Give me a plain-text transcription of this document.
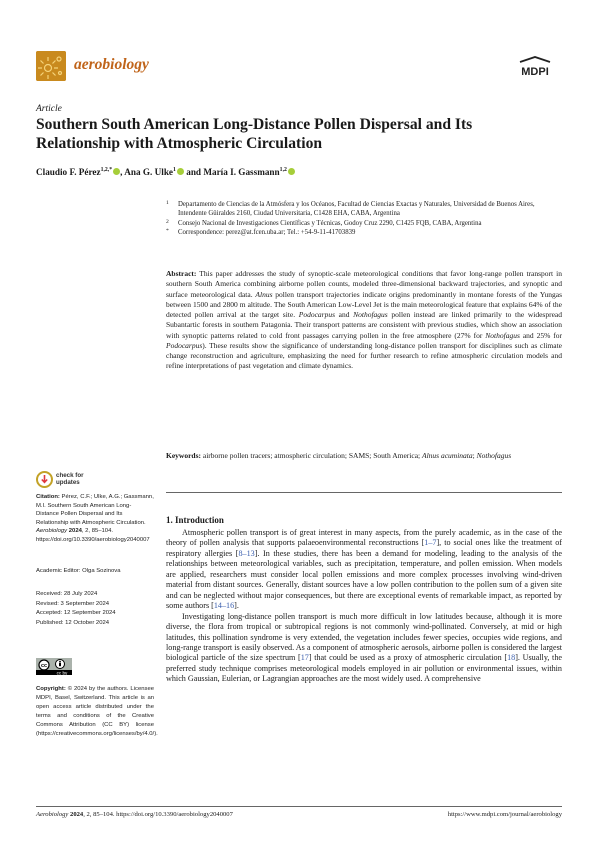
aerobiology	MDPI
Article
Southern South American Long-Distance Pollen Dispersal and Its Relationship with Atmospheric Circulation
Claudio F. Pérez$^{1,2,*}$ , Ana G. Ulke$^1$ and María I. Gassmann$^{1,2}$
1 Departamento de Ciencias de la Atmósfera y los Océanos, Facultad de Ciencias Exactas y Naturales, Universidad de Buenos Aires, Intendente Güiraldes 2160, Ciudad Universitaria, C1428 EHA, CABA, Argentina
2 Consejo Nacional de Investigaciones Científicas y Técnicas, Godoy Cruz 2290, C1425 FQB, CABA, Argentina
* Correspondence: perez@at.fcen.uba.ar; Tel.: +54-9-11-41703839
Abstract: This paper addresses the study of synoptic-scale meteorological conditions that favor long-range pollen transport in southern South America combining airborne pollen counts, modeled three-dimensional backward trajectories, and synoptic and surface meteorological data. Alnus pollen transport trajectories indicate origins predominantly in montane forests of the Yungas between 1500 and 2800 m altitude. The South American Low-Level Jet is the main meteorological feature that explains 64% of the detected pollen arrival at the target site. Podocarpus and Nothofagus pollen instead are linked primarily to the widespread Subantartic forests in southern Patagonia. Their transport patterns are consistent with previous studies, which show an association with synoptic patterns related to cold front passages carrying pollen in the free atmosphere (27% for Nothofagus and 25% for Podocarpus). These results show the significance of understanding long-distance pollen transport for disciplines such as climate change reconstruction and agriculture, emphasizing the need for further research to refine atmospheric circulation models and refine interpretations of past vegetation and climate dynamics.
Keywords: airborne pollen tracers; atmospheric circulation; SAMS; South America; Alnus acuminata; Nothofagus
check for
updates
Citation: Pérez, C.F.; Ulke, A.G.; Gassmann, M.I. Southern South American Long-Distance Pollen Dispersal and Its Relationship with Atmospheric Circulation. Aerobiology 2024, 2, 85–104. https://doi.org/10.3390/aerobiology2040007
Academic Editor: Olga Sozinova
Received: 28 July 2024
Revised: 3 September 2024
Accepted: 12 September 2024
Published: 12 October 2024
cc
cc by
Copyright: © 2024 by the authors. Licensee MDPI, Basel, Switzerland. This article is an open access article distributed under the terms and conditions of the Creative Commons Attribution (CC BY) license (https://creativecommons.org/licenses/by/4.0/).
1. Introduction

Atmospheric pollen transport is of great interest in many aspects, from the purely academic, as in the case of the theory of pollen analysis that supports palaeoenvironmental reconstructions [1–7], to social ones like the treatment of respiratory allergies [8–13]. In these studies, there has been a demand for modeling, leading to the analysis of the relationships between meteorological variables, such as precipitation, temperature, and pollen emission. When models are applied, researchers must consider local pollen emissions and more complex processes involving wind-driven material from distant sources. Generally, distant sources have a low pollen contribution to the pollen sum of a given site and can be neglected without major consequences, but there are exceptional events of remarkable impact, as reported by some authors [14–16].

Investigating long-distance pollen transport is much more difficult in low latitudes because, although it is more diverse, the flora from tropical or subtropical regions is not commonly wind-pollinated. Conversely, at mid or high latitudes, this pollination syndrome is very extended, the vegetation includes fewer species, occupies wide regions, and long-range transport is easily observed. As a component of atmospheric aerosols, airborne pollen is considered the largest biological particle of the size spectrum [17] that could be used as a proxy of atmospheric circulation [18]. Usually, the preferred study technique comprises meteorological models employed in air pollution or environmental issues, within which Gaussian, Eulerian, or Lagrangian approaches are the most widely used. A comprehensive

Aerobiology 2024, 2, 85–104. https://doi.org/10.3390/aerobiology2040007	https://www.mdpi.com/journal/aerobiology
